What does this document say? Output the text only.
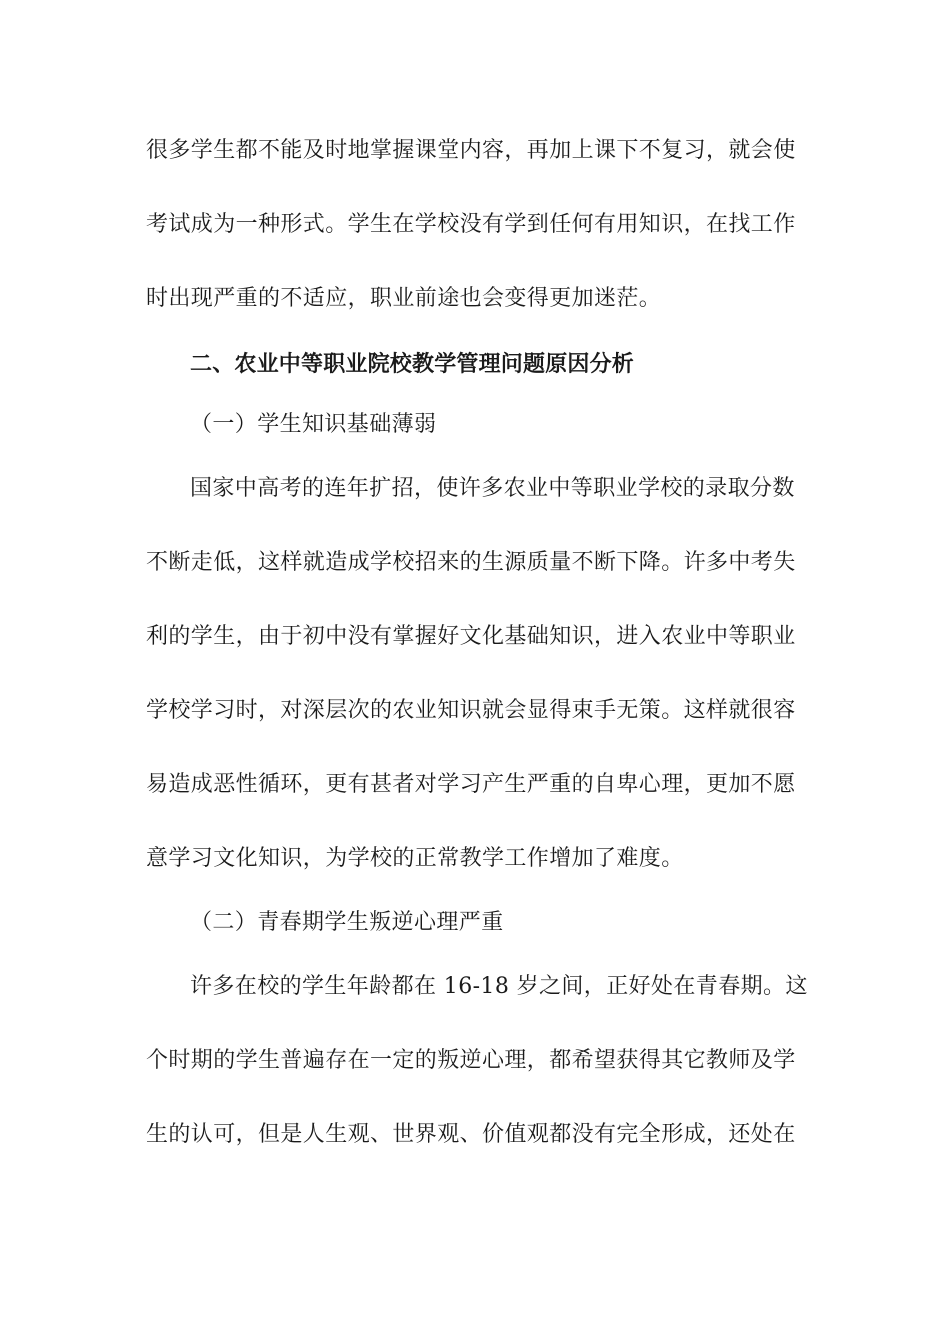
很多学生都不能及时地掌握课堂内容，再加上课下不复习，就会使
考试成为一种形式。学生在学校没有学到任何有用知识，在找工作
时出现严重的不适应，职业前途也会变得更加迷茫。
二、农业中等职业院校教学管理问题原因分析
（一）学生知识基础薄弱
国家中高考的连年扩招，使许多农业中等职业学校的录取分数
不断走低，这样就造成学校招来的生源质量不断下降。许多中考失
利的学生，由于初中没有掌握好文化基础知识，进入农业中等职业
学校学习时，对深层次的农业知识就会显得束手无策。这样就很容
易造成恶性循环，更有甚者对学习产生严重的自卑心理，更加不愿
意学习文化知识，为学校的正常教学工作增加了难度。
（二）青春期学生叛逆心理严重
许多在校的学生年龄都在 16-18 岁之间，正好处在青春期。这
个时期的学生普遍存在一定的叛逆心理，都希望获得其它教师及学
生的认可，但是人生观、世界观、价值观都没有完全形成，还处在
